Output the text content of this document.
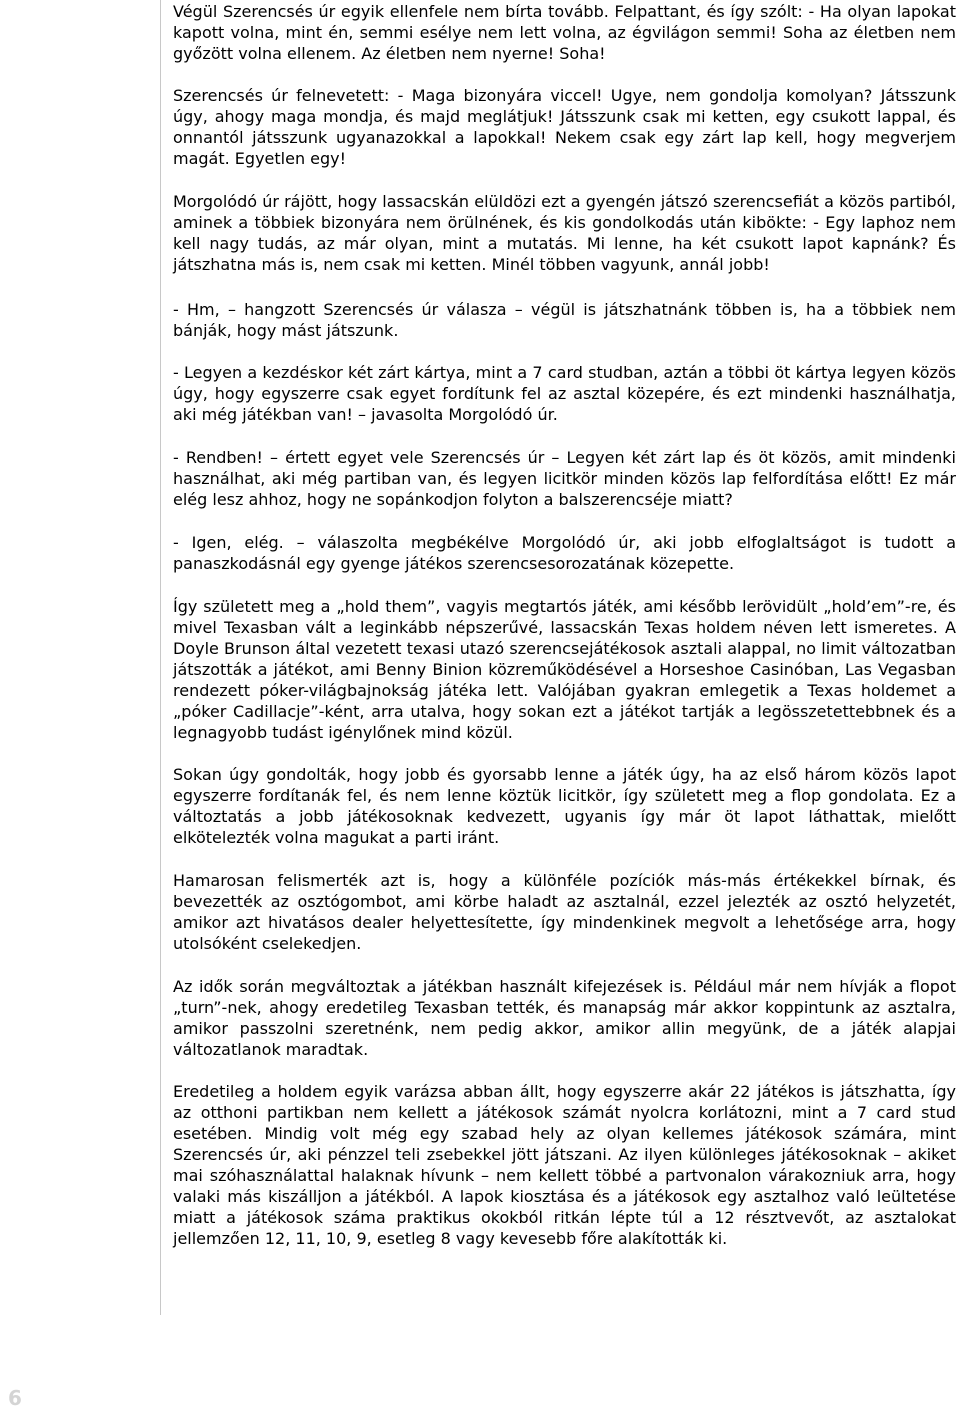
Végül Szerencsés úr egyik ellenfele nem bírta tovább. Felpattant, és így szólt: - Ha olyan lapokat kapott volna, mint én, semmi esélye nem lett volna, az égvilágon semmi! Soha az életben nem győzött volna ellenem. Az életben nem nyerne! Soha!

Szerencsés úr felnevetett: - Maga bizonyára viccel! Ugye, nem gondolja komolyan? Játsszunk úgy, ahogy maga mondja, és majd meglátjuk! Játsszunk csak mi ketten, egy csukott lappal, és onnantól játsszunk ugyanazokkal a lapokkal! Nekem csak egy zárt lap kell, hogy megverjem magát. Egyetlen egy!

Morgolódó úr rájött, hogy lassacskán elüldözi ezt a gyengén játszó szerencsefiát a közös partiból, aminek a többiek bizonyára nem örülnének, és kis gondolkodás után kibökte: - Egy laphoz nem kell nagy tudás, az már olyan, mint a mutatás. Mi lenne, ha két csukott lapot kapnánk? És játszhatna más is, nem csak mi ketten. Minél többen vagyunk, annál jobb!

- Hm, – hangzott Szerencsés úr válasza – végül is játszhatnánk többen is, ha a többiek nem bánják, hogy mást játszunk.

- Legyen a kezdéskor két zárt kártya, mint a 7 card studban, aztán a többi öt kártya legyen közös úgy, hogy egyszerre csak egyet fordítunk fel az asztal közepére, és ezt mindenki használhatja, aki még játékban van! – javasolta Morgolódó úr.

- Rendben! – értett egyet vele Szerencsés úr – Legyen két zárt lap és öt közös, amit mindenki használhat, aki még partiban van, és legyen licitkör minden közös lap felfordítása előtt! Ez már elég lesz ahhoz, hogy ne sopánkodjon folyton a balszerencséje miatt?

- Igen, elég. – válaszolta megbékélve Morgolódó úr, aki jobb elfoglaltságot is tudott a panaszkodásnál egy gyenge játékos szerencsesorozatának közepette.

Így született meg a „hold them”, vagyis megtartós játék, ami később lerövidült „hold’em”-re, és mivel Texasban vált a leginkább népszerűvé, lassacskán Texas holdem néven lett ismeretes. A Doyle Brunson által vezetett texasi utazó szerencsejátékosok asztali alappal, no limit változatban játszották a játékot, ami Benny Binion közreműködésével a Horseshoe Casinóban, Las Vegasban rendezett póker-világbajnokság játéka lett. Valójában gyakran emlegetik a Texas holdemet a „póker Cadillacje”-ként, arra utalva, hogy sokan ezt a játékot tartják a legösszetettebbnek és a legnagyobb tudást igénylőnek mind közül.

Sokan úgy gondolták, hogy jobb és gyorsabb lenne a játék úgy, ha az első három közös lapot egyszerre fordítanák fel, és nem lenne köztük licitkör, így született meg a flop gondolata. Ez a változtatás a jobb játékosoknak kedvezett, ugyanis így már öt lapot láthattak, mielőtt elkötelezték volna magukat a parti iránt.

Hamarosan felismerték azt is, hogy a különféle pozíciók más-más értékekkel bírnak, és bevezették az osztógombot, ami körbe haladt az asztalnál, ezzel jelezték az osztó helyzetét, amikor azt hivatásos dealer helyettesítette, így mindenkinek megvolt a lehetősége arra, hogy utolsóként cselekedjen.

Az idők során megváltoztak a játékban használt kifejezések is. Például már nem hívják a flopot „turn”-nek, ahogy eredetileg Texasban tették, és manapság már akkor koppintunk az asztalra, amikor passzolni szeretnénk, nem pedig akkor, amikor allin megyünk, de a játék alapjai változatlanok maradtak.

Eredetileg a holdem egyik varázsa abban állt, hogy egyszerre akár 22 játékos is játszhatta, így az otthoni partikban nem kellett a játékosok számát nyolcra korlátozni, mint a 7 card stud esetében. Mindig volt még egy szabad hely az olyan kellemes játékosok számára, mint Szerencsés úr, aki pénzzel teli zsebekkel jött játszani. Az ilyen különleges játékosoknak – akiket mai szóhasználattal halaknak hívunk – nem kellett többé a partvonalon várakozniuk arra, hogy valaki más kiszálljon a játékból. A lapok kiosztása és a játékosok egy asztalhoz való leültetése miatt a játékosok száma praktikus okokból ritkán lépte túl a 12 résztvevőt, az asztalokat jellemzően 12, 11, 10, 9, esetleg 8 vagy kevesebb főre alakították ki.

6
